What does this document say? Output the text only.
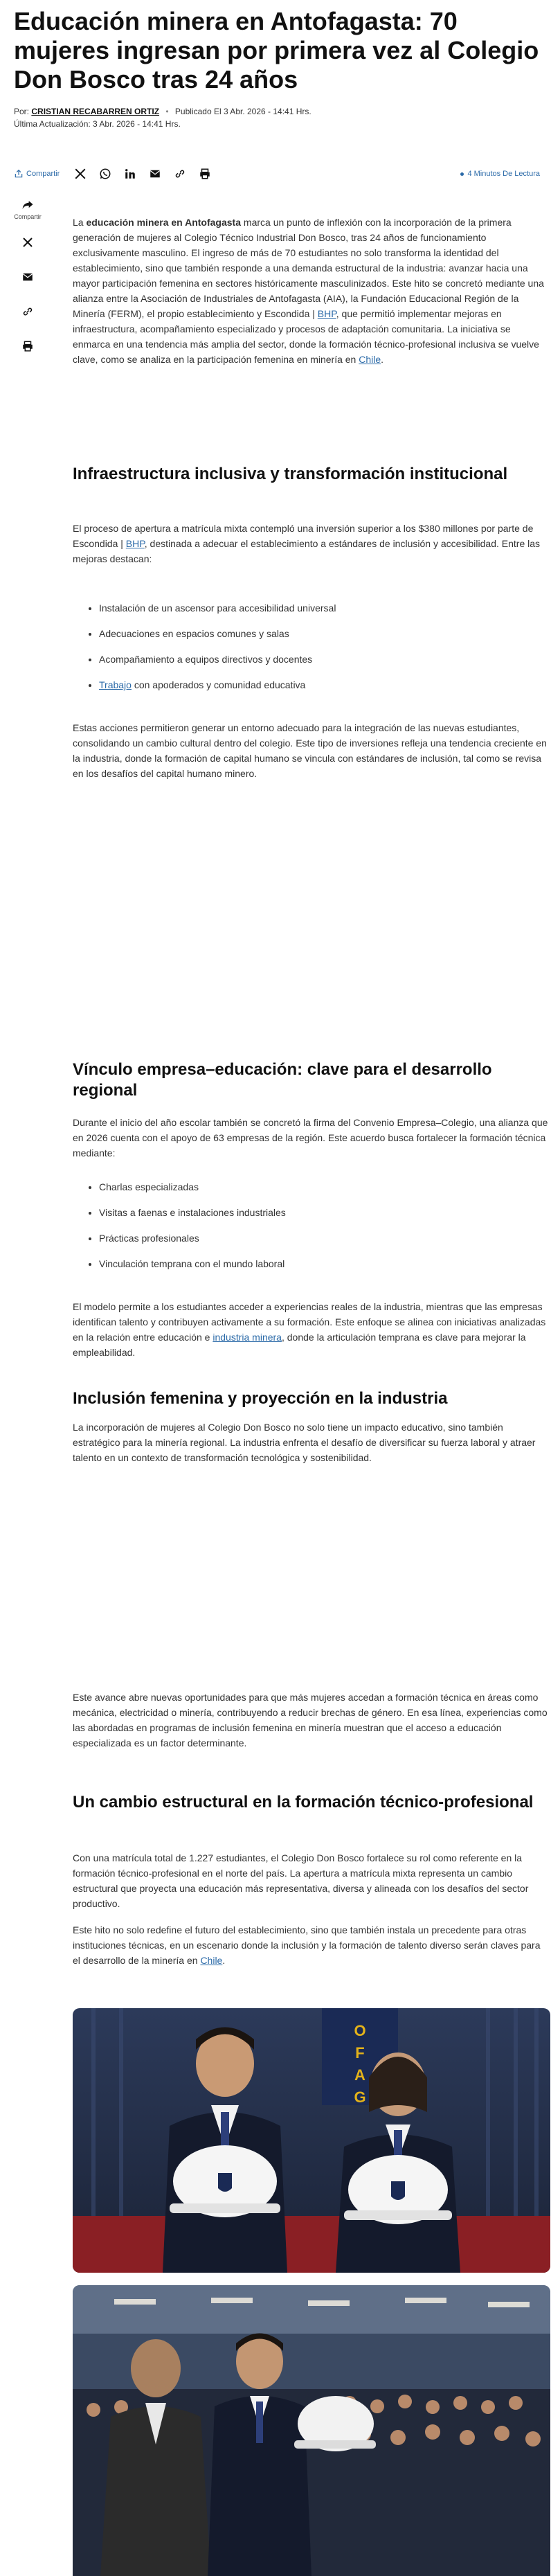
Educación minera en Antofagasta: 70 mujeres ingresan por primera vez al Colegio Don Bosco tras 24 años
Por: CRISTIAN RECABARREN ORTIZ • Publicado El 3 Abr. 2026 - 14:41 Hrs.
Última Actualización: 3 Abr. 2026 - 14:41 Hrs.
Compartir	4 Minutos De Lectura
Compartir	La educación minera en Antofagasta marca un punto de inflexión con la incorporación de la primera generación de mujeres al Colegio Técnico Industrial Don Bosco, tras 24 años de funcionamiento exclusivamente masculino. El ingreso de más de 70 estudiantes no solo transforma la identidad del establecimiento, sino que también responde a una demanda estructural de la industria: avanzar hacia una mayor participación femenina en sectores históricamente masculinizados. Este hito se concretó mediante una alianza entre la Asociación de Industriales de Antofagasta (AIA), la Fundación Educacional Región de la Minería (FERM), el propio establecimiento y Escondida | BHP, que permitió implementar mejoras en infraestructura, acompañamiento especializado y procesos de adaptación comunitaria. La iniciativa se enmarca en una tendencia más amplia del sector, donde la formación técnico-profesional inclusiva se vuelve clave, como se analiza en la participación femenina en minería en Chile.

Infraestructura inclusiva y transformación institucional

El proceso de apertura a matrícula mixta contempló una inversión superior a los $380 millones por parte de Escondida | BHP, destinada a adecuar el establecimiento a estándares de inclusión y accesibilidad. Entre las mejoras destacan:

• Instalación de un ascensor para accesibilidad universal
• Adecuaciones en espacios comunes y salas
• Acompañamiento a equipos directivos y docentes
• Trabajo con apoderados y comunidad educativa

Estas acciones permitieron generar un entorno adecuado para la integración de las nuevas estudiantes, consolidando un cambio cultural dentro del colegio. Este tipo de inversiones refleja una tendencia creciente en la industria, donde la formación de capital humano se vincula con estándares de inclusión, tal como se revisa en los desafíos del capital humano minero.

Vínculo empresa–educación: clave para el desarrollo regional

Durante el inicio del año escolar también se concretó la firma del Convenio Empresa–Colegio, una alianza que en 2026 cuenta con el apoyo de 63 empresas de la región. Este acuerdo busca fortalecer la formación técnica mediante:

• Charlas especializadas
• Visitas a faenas e instalaciones industriales
• Prácticas profesionales
• Vinculación temprana con el mundo laboral

El modelo permite a los estudiantes acceder a experiencias reales de la industria, mientras que las empresas identifican talento y contribuyen activamente a su formación. Este enfoque se alinea con iniciativas analizadas en la relación entre educación e industria minera, donde la articulación temprana es clave para mejorar la empleabilidad.

Inclusión femenina y proyección en la industria

La incorporación de mujeres al Colegio Don Bosco no solo tiene un impacto educativo, sino también estratégico para la minería regional. La industria enfrenta el desafío de diversificar su fuerza laboral y atraer talento en un contexto de transformación tecnológica y sostenibilidad.

Este avance abre nuevas oportunidades para que más mujeres accedan a formación técnica en áreas como mecánica, electricidad o minería, contribuyendo a reducir brechas de género. En esa línea, experiencias como las abordadas en programas de inclusión femenina en minería muestran que el acceso a educación especializada es un factor determinante.

Un cambio estructural en la formación técnico-profesional

Con una matrícula total de 1.227 estudiantes, el Colegio Don Bosco fortalece su rol como referente en la formación técnico-profesional en el norte del país. La apertura a matrícula mixta representa un cambio estructural que proyecta una educación más representativa, diversa y alineada con los desafíos del sector productivo.

Este hito no solo redefine el futuro del establecimiento, sino que también instala un precedente para otras instituciones técnicas, en un escenario donde la inclusión y la formación de talento diverso serán claves para el desarrollo de la minería en Chile.

O
F
A
G
